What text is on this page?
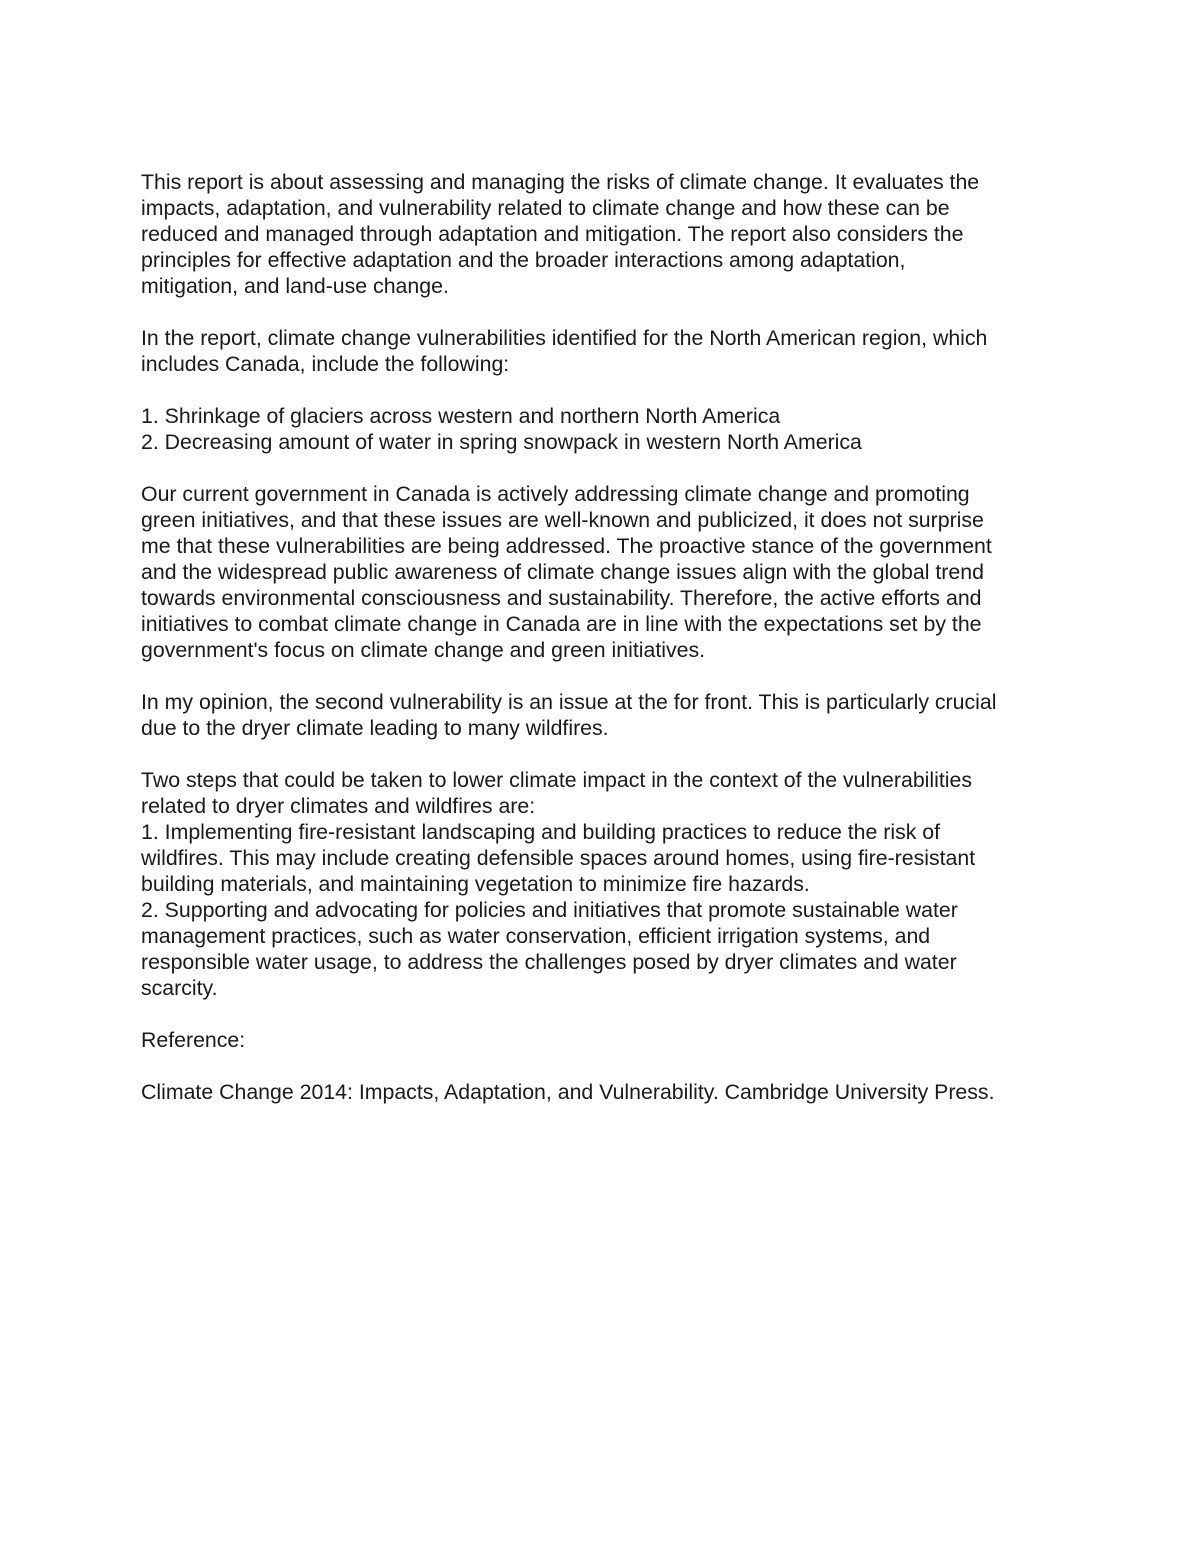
This report is about assessing and managing the risks of climate change. It evaluates the
impacts, adaptation, and vulnerability related to climate change and how these can be
reduced and managed through adaptation and mitigation. The report also considers the
principles for effective adaptation and the broader interactions among adaptation,
mitigation, and land-use change.
In the report, climate change vulnerabilities identified for the North American region, which
includes Canada, include the following:
1. Shrinkage of glaciers across western and northern North America
2. Decreasing amount of water in spring snowpack in western North America
Our current government in Canada is actively addressing climate change and promoting
green initiatives, and that these issues are well-known and publicized, it does not surprise
me that these vulnerabilities are being addressed. The proactive stance of the government
and the widespread public awareness of climate change issues align with the global trend
towards environmental consciousness and sustainability. Therefore, the active efforts and
initiatives to combat climate change in Canada are in line with the expectations set by the
government's focus on climate change and green initiatives.
In my opinion, the second vulnerability is an issue at the for front. This is particularly crucial
due to the dryer climate leading to many wildfires.
Two steps that could be taken to lower climate impact in the context of the vulnerabilities
related to dryer climates and wildfires are:
1. Implementing fire-resistant landscaping and building practices to reduce the risk of
wildfires. This may include creating defensible spaces around homes, using fire-resistant
building materials, and maintaining vegetation to minimize fire hazards.
2. Supporting and advocating for policies and initiatives that promote sustainable water
management practices, such as water conservation, efficient irrigation systems, and
responsible water usage, to address the challenges posed by dryer climates and water
scarcity.
Reference:
Climate Change 2014: Impacts, Adaptation, and Vulnerability. Cambridge University Press.
